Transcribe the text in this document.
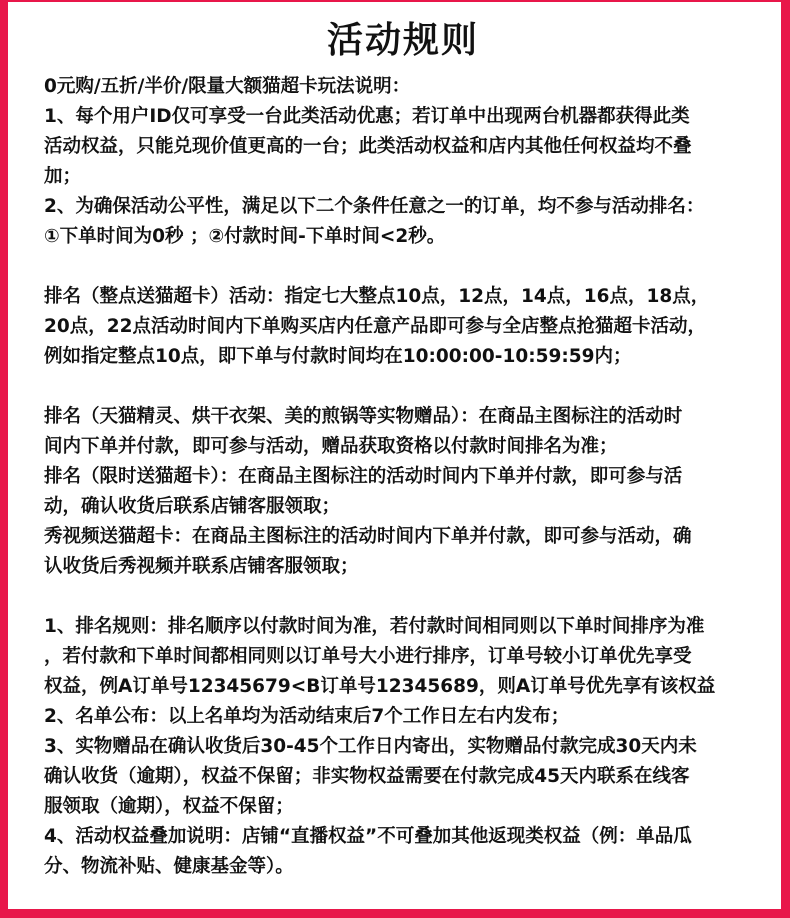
活动规则
0元购/五折/半价/限量大额猫超卡玩法说明：
1、每个用户ID仅可享受一台此类活动优惠；若订单中出现两台机器都获得此类
活动权益，只能兑现价值更高的一台；此类活动权益和店内其他任何权益均不叠
加；
2、为确保活动公平性，满足以下二个条件任意之一的订单，均不参与活动排名：
①下单时间为0秒 ；②付款时间-下单时间<2秒。
排名（整点送猫超卡）活动：指定七大整点10点，12点，14点，16点，18点，
20点，22点活动时间内下单购买店内任意产品即可参与全店整点抢猫超卡活动，
例如指定整点10点，即下单与付款时间均在10:00:00-10:59:59内；
排名（天猫精灵、烘干衣架、美的煎锅等实物赠品）：在商品主图标注的活动时
间内下单并付款，即可参与活动，赠品获取资格以付款时间排名为准；
排名（限时送猫超卡）：在商品主图标注的活动时间内下单并付款，即可参与活
动，确认收货后联系店铺客服领取；
秀视频送猫超卡：在商品主图标注的活动时间内下单并付款，即可参与活动，确
认收货后秀视频并联系店铺客服领取；
1、排名规则：排名顺序以付款时间为准，若付款时间相同则以下单时间排序为准
，若付款和下单时间都相同则以订单号大小进行排序，订单号较小订单优先享受
权益，例A订单号12345679<B订单号12345689，则A订单号优先享有该权益
2、名单公布：以上名单均为活动结束后7个工作日左右内发布；
3、实物赠品在确认收货后30-45个工作日内寄出，实物赠品付款完成30天内未
确认收货（逾期），权益不保留；非实物权益需要在付款完成45天内联系在线客
服领取（逾期），权益不保留；
4、活动权益叠加说明：店铺“直播权益”不可叠加其他返现类权益（例：单品瓜
分、物流补贴、健康基金等）。
